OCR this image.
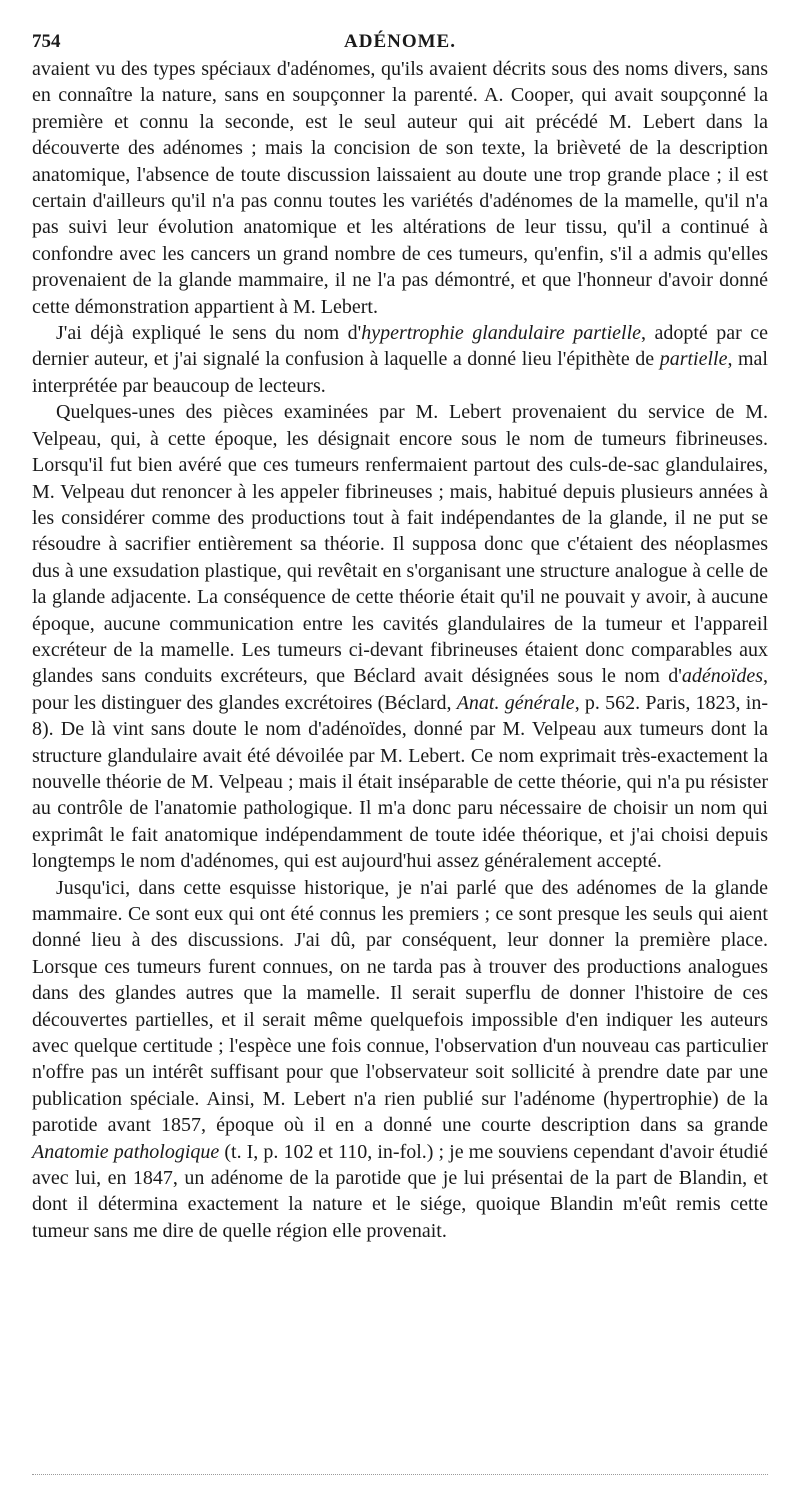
754	ADÉNOME.

avaient vu des types spéciaux d'adénomes, qu'ils avaient décrits sous des noms divers, sans en connaître la nature, sans en soupçonner la parenté. A. Cooper, qui avait soupçonné la première et connu la seconde, est le seul auteur qui ait précédé M. Lebert dans la découverte des adénomes ; mais la concision de son texte, la brièveté de la description anatomique, l'absence de toute discussion laissaient au doute une trop grande place ; il est certain d'ailleurs qu'il n'a pas connu toutes les variétés d'adénomes de la mamelle, qu'il n'a pas suivi leur évolution anatomique et les altérations de leur tissu, qu'il a continué à confondre avec les cancers un grand nombre de ces tumeurs, qu'enfin, s'il a admis qu'elles provenaient de la glande mammaire, il ne l'a pas démontré, et que l'honneur d'avoir donné cette démonstration appartient à M. Lebert.

J'ai déjà expliqué le sens du nom d'hypertrophie glandulaire partielle, adopté par ce dernier auteur, et j'ai signalé la confusion à laquelle a donné lieu l'épithète de partielle, mal interprétée par beaucoup de lecteurs.

Quelques-unes des pièces examinées par M. Lebert provenaient du service de M. Velpeau, qui, à cette époque, les désignait encore sous le nom de tumeurs fibrineuses. Lorsqu'il fut bien avéré que ces tumeurs renfermaient partout des culs-de-sac glandulaires, M. Velpeau dut renoncer à les appeler fibrineuses ; mais, habitué depuis plusieurs années à les considérer comme des productions tout à fait indépendantes de la glande, il ne put se résoudre à sacrifier entièrement sa théorie. Il supposa donc que c'étaient des néoplasmes dus à une exsudation plastique, qui revêtait en s'organisant une structure analogue à celle de la glande adjacente. La conséquence de cette théorie était qu'il ne pouvait y avoir, à aucune époque, aucune communication entre les cavités glandulaires de la tumeur et l'appareil excréteur de la mamelle. Les tumeurs ci-devant fibrineuses étaient donc comparables aux glandes sans conduits excréteurs, que Béclard avait désignées sous le nom d'adénoïdes, pour les distinguer des glandes excrétoires (Béclard, Anat. générale, p. 562. Paris, 1823, in-8). De là vint sans doute le nom d'adénoïdes, donné par M. Velpeau aux tumeurs dont la structure glandulaire avait été dévoilée par M. Lebert. Ce nom exprimait très-exactement la nouvelle théorie de M. Velpeau ; mais il était inséparable de cette théorie, qui n'a pu résister au contrôle de l'anatomie pathologique. Il m'a donc paru nécessaire de choisir un nom qui exprimât le fait anatomique indépendamment de toute idée théorique, et j'ai choisi depuis longtemps le nom d'adénomes, qui est aujourd'hui assez généralement accepté.

Jusqu'ici, dans cette esquisse historique, je n'ai parlé que des adénomes de la glande mammaire. Ce sont eux qui ont été connus les premiers ; ce sont presque les seuls qui aient donné lieu à des discussions. J'ai dû, par conséquent, leur donner la première place. Lorsque ces tumeurs furent connues, on ne tarda pas à trouver des productions analogues dans des glandes autres que la mamelle. Il serait superflu de donner l'histoire de ces découvertes partielles, et il serait même quelquefois impossible d'en indiquer les auteurs avec quelque certitude ; l'espèce une fois connue, l'observation d'un nouveau cas particulier n'offre pas un intérêt suffisant pour que l'observateur soit sollicité à prendre date par une publication spéciale. Ainsi, M. Lebert n'a rien publié sur l'adénome (hypertrophie) de la parotide avant 1857, époque où il en a donné une courte description dans sa grande Anatomie pathologique (t. I, p. 102 et 110, in-fol.) ; je me souviens cependant d'avoir étudié avec lui, en 1847, un adénome de la parotide que je lui présentai de la part de Blandin, et dont il détermina exactement la nature et le siége, quoique Blandin m'eût remis cette tumeur sans me dire de quelle région elle provenait.
